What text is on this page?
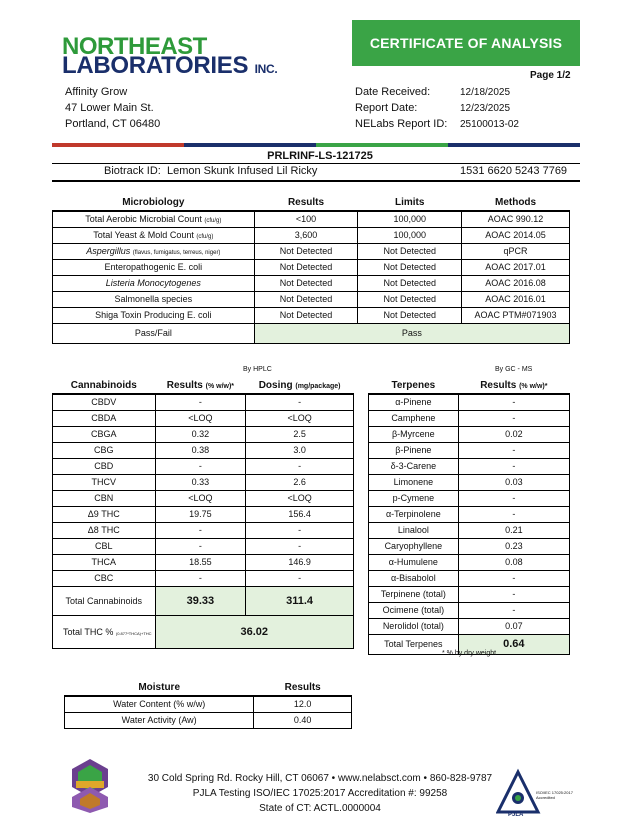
NORTHEAST
LABORATORIES INC.
CERTIFICATE OF ANALYSIS
Page 1/2
Affinity Grow
47 Lower Main St.
Portland, CT 06480
Date Received:	12/18/2025
Report Date:	12/23/2025
NELabs Report ID: 25100013-02
PRLRINF-LS-121725
Biotrack ID: Lemon Skunk Infused Lil Ricky	1531 6620 5243 7769
Microbiology	Results	Limits	Methods
Total Aerobic Microbial Count (cfu/g)	<100	100,000	AOAC 990.12
Total Yeast & Mold Count (cfu/g)	3,600	100,000	AOAC 2014.05
Aspergillus (flavus, fumigatus, terreus, niger)	Not Detected	Not Detected	qPCR
Enteropathogenic E. coli	Not Detected	Not Detected	AOAC 2017.01
Listeria Monocytogenes	Not Detected	Not Detected	AOAC 2016.08
Salmonella species	Not Detected	Not Detected	AOAC 2016.01
Shiga Toxin Producing E. coli	Not Detected	Not Detected	AOAC PTM#071903
Pass/Fail	Pass		
By HPLC
Cannabinoids	Results (% w/w)*	Dosing (mg/package)
CBDV	-	-
CBDA	<LOQ	<LOQ
CBGA	0.32	2.5
CBG	0.38	3.0
CBD	-	-
THCV	0.33	2.6
CBN	<LOQ	<LOQ
Δ9 THC	19.75	156.4
Δ8 THC	-	-
CBL	-	-
THCA	18.55	146.9
CBC	-	-
Total Cannabinoids	39.33	311.4
Total THC % (0.877*THCA)+THC	36.02	
By GC - MS
Terpenes	Results (% w/w)*
α-Pinene	-
Camphene	-
β-Myrcene	0.02
β-Pinene	-
δ-3-Carene	-
Limonene	0.03
p-Cymene	-
α-Terpinolene	-
Linalool	0.21
Caryophyllene	0.23
α-Humulene	0.08
α-Bisabolol	-
Terpinene (total)	-
Ocimene (total)	-
Nerolidol (total)	0.07
Total Terpenes	0.64
* % by dry weight
Moisture	Results
Water Content (% w/w)	12.0
Water Activity (Aw)	0.40
30 Cold Spring Rd. Rocky Hill, CT 06067 • www.nelabsct.com • 860-828-9787
PJLA Testing ISO/IEC 17025:2017 Accreditation #: 99258
State of CT: ACTL.0000004
ISO/IEC 17025:2017 Accredited
PJLA
